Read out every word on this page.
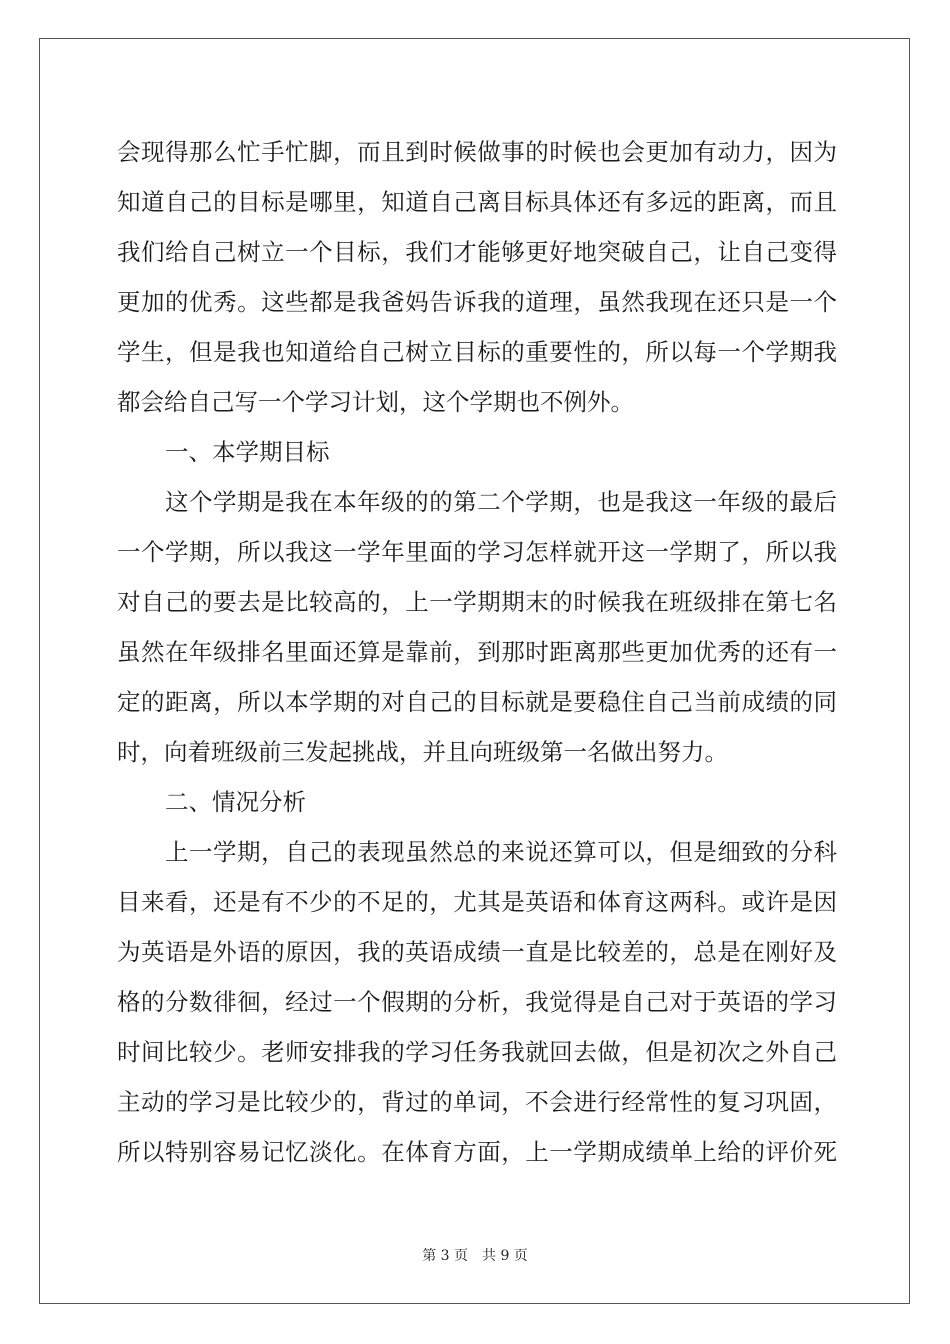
会现得那么忙手忙脚，而且到时候做事的时候也会更加有动力，因为
知道自己的目标是哪里，知道自己离目标具体还有多远的距离，而且
我们给自己树立一个目标，我们才能够更好地突破自己，让自己变得
更加的优秀。这些都是我爸妈告诉我的道理，虽然我现在还只是一个
学生，但是我也知道给自己树立目标的重要性的，所以每一个学期我
都会给自己写一个学习计划，这个学期也不例外。
一、本学期目标
这个学期是我在本年级的的第二个学期，也是我这一年级的最后
一个学期，所以我这一学年里面的学习怎样就开这一学期了，所以我
对自己的要去是比较高的，上一学期期末的时候我在班级排在第七名
虽然在年级排名里面还算是靠前，到那时距离那些更加优秀的还有一
定的距离，所以本学期的对自己的目标就是要稳住自己当前成绩的同
时，向着班级前三发起挑战，并且向班级第一名做出努力。
二、情况分析
上一学期，自己的表现虽然总的来说还算可以，但是细致的分科
目来看，还是有不少的不足的，尤其是英语和体育这两科。或许是因
为英语是外语的原因，我的英语成绩一直是比较差的，总是在刚好及
格的分数徘徊，经过一个假期的分析，我觉得是自己对于英语的学习
时间比较少。老师安排我的学习任务我就回去做，但是初次之外自己
主动的学习是比较少的，背过的单词，不会进行经常性的复习巩固，
所以特别容易记忆淡化。在体育方面，上一学期成绩单上给的评价死
第 3 页　共 9 页
